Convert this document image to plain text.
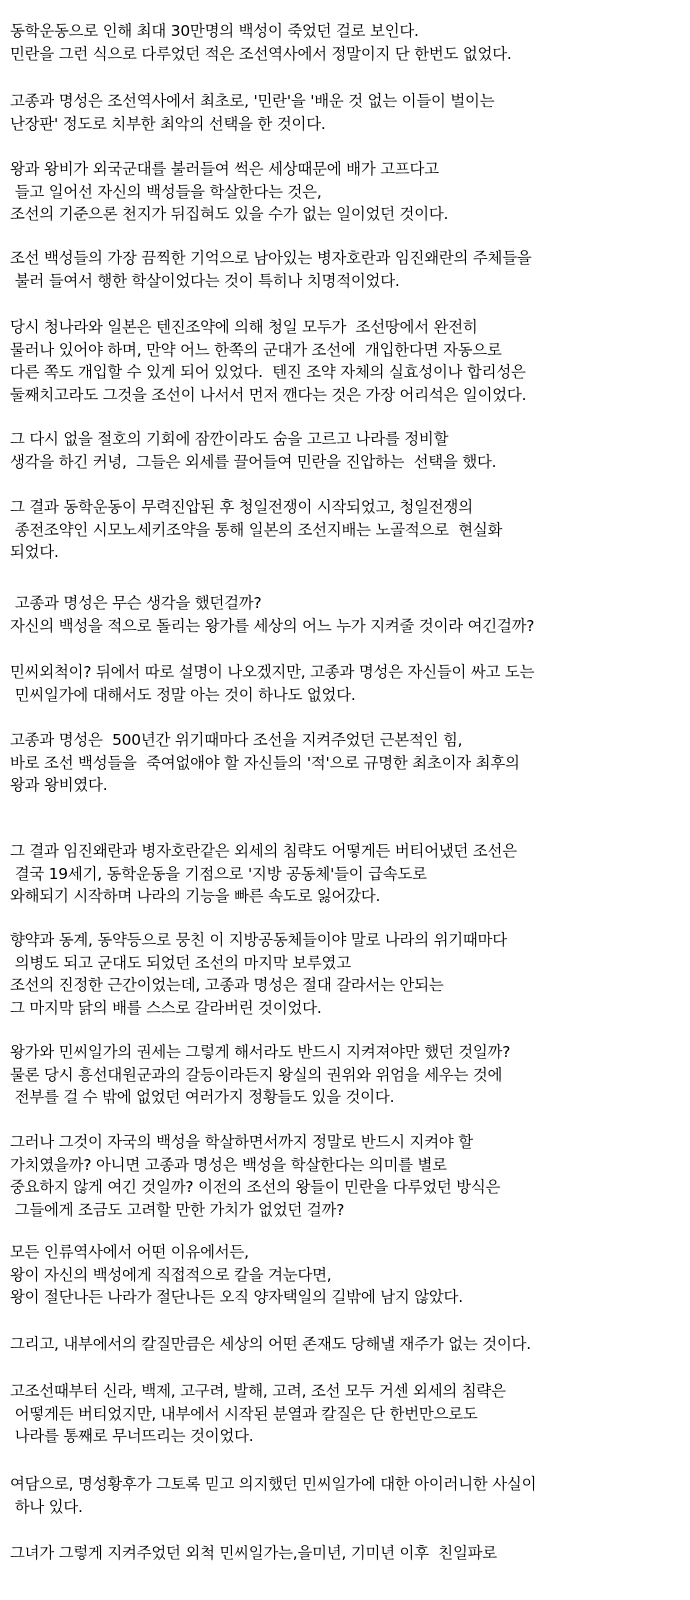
동학운동으로 인해 최대 30만명의 백성이 죽었던 걸로 보인다.
민란을 그런 식으로 다루었던 적은 조선역사에서 정말이지 단 한번도 없었다.
고종과 명성은 조선역사에서 최초로, '민란'을 '배운 것 없는 이들이 벌이는
난장판' 정도로 치부한 최악의 선택을 한 것이다.
왕과 왕비가 외국군대를 불러들여 썩은 세상때문에 배가 고프다고
들고 일어선 자신의 백성들을 학살한다는 것은,
조선의 기준으론 천지가 뒤집혀도 있을 수가 없는 일이었던 것이다.
조선 백성들의 가장 끔찍한 기억으로 남아있는 병자호란과 임진왜란의 주체들을
불러 들여서 행한 학살이었다는 것이 특히나 치명적이었다.
당시 청나라와 일본은 텐진조약에 의해 청일 모두가  조선땅에서 완전히
물러나 있어야 하며, 만약 어느 한쪽의 군대가 조선에  개입한다면 자동으로
다른 쪽도 개입할 수 있게 되어 있었다.  텐진 조약 자체의 실효성이나 합리성은
둘째치고라도 그것을 조선이 나서서 먼저 깬다는 것은 가장 어리석은 일이었다.
그 다시 없을 절호의 기회에 잠깐이라도 숨을 고르고 나라를 정비할
생각을 하긴 커녕,  그들은 외세를 끌어들여 민란을 진압하는  선택을 했다.
그 결과 동학운동이 무력진압된 후 청일전쟁이 시작되었고, 청일전쟁의
종전조약인 시모노세키조약을 통해 일본의 조선지배는 노골적으로  현실화
되었다.
고종과 명성은 무슨 생각을 했던걸까?
자신의 백성을 적으로 돌리는 왕가를 세상의 어느 누가 지켜줄 것이라 여긴걸까?
민씨외척이? 뒤에서 따로 설명이 나오겠지만, 고종과 명성은 자신들이 싸고 도는
민씨일가에 대해서도 정말 아는 것이 하나도 없었다.
고종과 명성은  500년간 위기때마다 조선을 지켜주었던 근본적인 힘,
바로 조선 백성들을  죽여없애야 할 자신들의 '적'으로 규명한 최초이자 최후의
왕과 왕비였다.
그 결과 임진왜란과 병자호란같은 외세의 침략도 어떻게든 버티어냈던 조선은
결국 19세기, 동학운동을 기점으로 '지방 공동체'들이 급속도로
와해되기 시작하며 나라의 기능을 빠른 속도로 잃어갔다.
향약과 동계, 동약등으로 뭉친 이 지방공동체들이야 말로 나라의 위기때마다
의병도 되고 군대도 되었던 조선의 마지막 보루였고
조선의 진정한 근간이었는데, 고종과 명성은 절대 갈라서는 안되는
그 마지막 닭의 배를 스스로 갈라버린 것이었다.
왕가와 민씨일가의 권세는 그렇게 해서라도 반드시 지켜져야만 했던 것일까?
물론 당시 흥선대원군과의 갈등이라든지 왕실의 권위와 위엄을 세우는 것에
전부를 걸 수 밖에 없었던 여러가지 정황들도 있을 것이다.
그러나 그것이 자국의 백성을 학살하면서까지 정말로 반드시 지켜야 할
가치였을까? 아니면 고종과 명성은 백성을 학살한다는 의미를 별로
중요하지 않게 여긴 것일까? 이전의 조선의 왕들이 민란을 다루었던 방식은
그들에게 조금도 고려할 만한 가치가 없었던 걸까?
모든 인류역사에서 어떤 이유에서든,
왕이 자신의 백성에게 직접적으로 칼을 겨눈다면,
왕이 절단나든 나라가 절단나든 오직 양자택일의 길밖에 남지 않았다.
그리고, 내부에서의 칼질만큼은 세상의 어떤 존재도 당해낼 재주가 없는 것이다.
고조선때부터 신라, 백제, 고구려, 발해, 고려, 조선 모두 거센 외세의 침략은
어떻게든 버티었지만, 내부에서 시작된 분열과 칼질은 단 한번만으로도
나라를 통째로 무너뜨리는 것이었다.
여담으로, 명성황후가 그토록 믿고 의지했던 민씨일가에 대한 아이러니한 사실이
하나 있다.
그녀가 그렇게 지켜주었던 외척 민씨일가는,을미년, 기미년 이후  친일파로
